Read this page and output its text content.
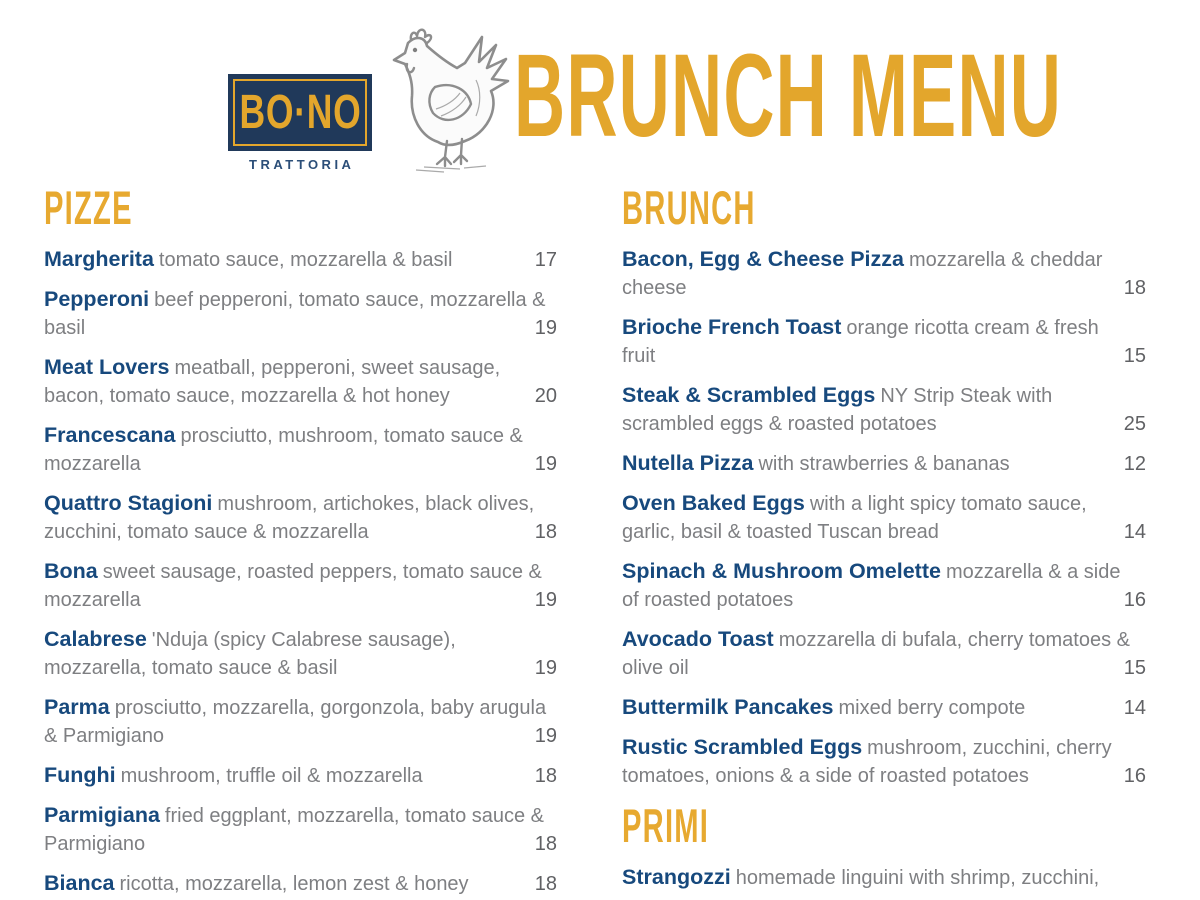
BO·NO
TRATTORIA
BRUNCH MENU
PIZZE

Margherita tomato sauce, mozzarella & basil	17

Pepperoni beef pepperoni, tomato sauce, mozzarella & basil	19

Meat Lovers meatball, pepperoni, sweet sausage, bacon, tomato sauce, mozzarella & hot honey	20

Francescana prosciutto, mushroom, tomato sauce & mozzarella	19

Quattro Stagioni mushroom, artichokes, black olives, zucchini, tomato sauce & mozzarella	18

Bona sweet sausage, roasted peppers, tomato sauce & mozzarella	19

Calabrese 'Nduja (spicy Calabrese sausage), mozzarella, tomato sauce & basil	19

Parma prosciutto, mozzarella, gorgonzola, baby arugula & Parmigiano	19

Funghi mushroom, truffle oil & mozzarella	18

Parmigiana fried eggplant, mozzarella, tomato sauce & Parmigiano	18

Bianca ricotta, mozzarella, lemon zest & honey	18
BRUNCH

Bacon, Egg & Cheese Pizza mozzarella & cheddar cheese	18

Brioche French Toast orange ricotta cream & fresh fruit	15

Steak & Scrambled Eggs NY Strip Steak with scrambled eggs & roasted potatoes	25

Nutella Pizza with strawberries & bananas	12

Oven Baked Eggs with a light spicy tomato sauce, garlic, basil & toasted Tuscan bread	14

Spinach & Mushroom Omelette mozzarella & a side of roasted potatoes	16

Avocado Toast mozzarella di bufala, cherry tomatoes & olive oil	15

Buttermilk Pancakes mixed berry compote	14

Rustic Scrambled Eggs mushroom, zucchini, cherry tomatoes, onions & a side of roasted potatoes	16
PRIMI

Strangozzi homemade linguini with shrimp, zucchini,
